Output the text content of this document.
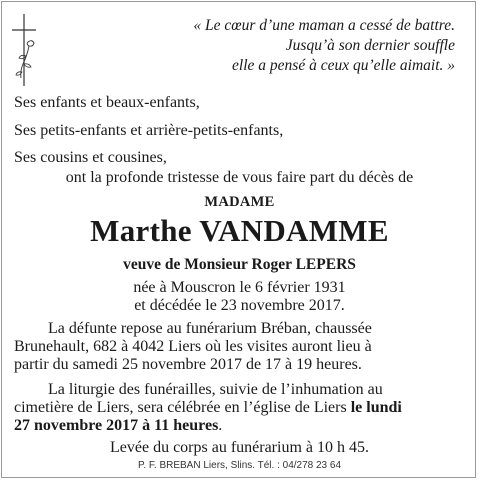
« Le cœur d’une maman a cessé de battre.
Jusqu’à son dernier souffle
elle a pensé à ceux qu’elle aimait. »
Ses enfants et beaux-enfants,
Ses petits-enfants et arrière-petits-enfants,
Ses cousins et cousines,
ont la profonde tristesse de vous faire part du décès de
MADAME
Marthe VANDAMME
veuve de Monsieur Roger LEPERS
née à Mouscron le 6 février 1931
et décédée le 23 novembre 2017.
La défunte repose au funérarium Bréban, chaussée
Brunehault, 682 à 4042 Liers où les visites auront lieu à
partir du samedi 25 novembre 2017 de 17 à 19 heures.
La liturgie des funérailles, suivie de l’inhumation au
cimetière de Liers, sera célébrée en l’église de Liers le lundi
27 novembre 2017 à 11 heures.
Levée du corps au funérarium à 10 h 45.
P. F. BREBAN Liers, Slins. Tél. : 04/278 23 64
